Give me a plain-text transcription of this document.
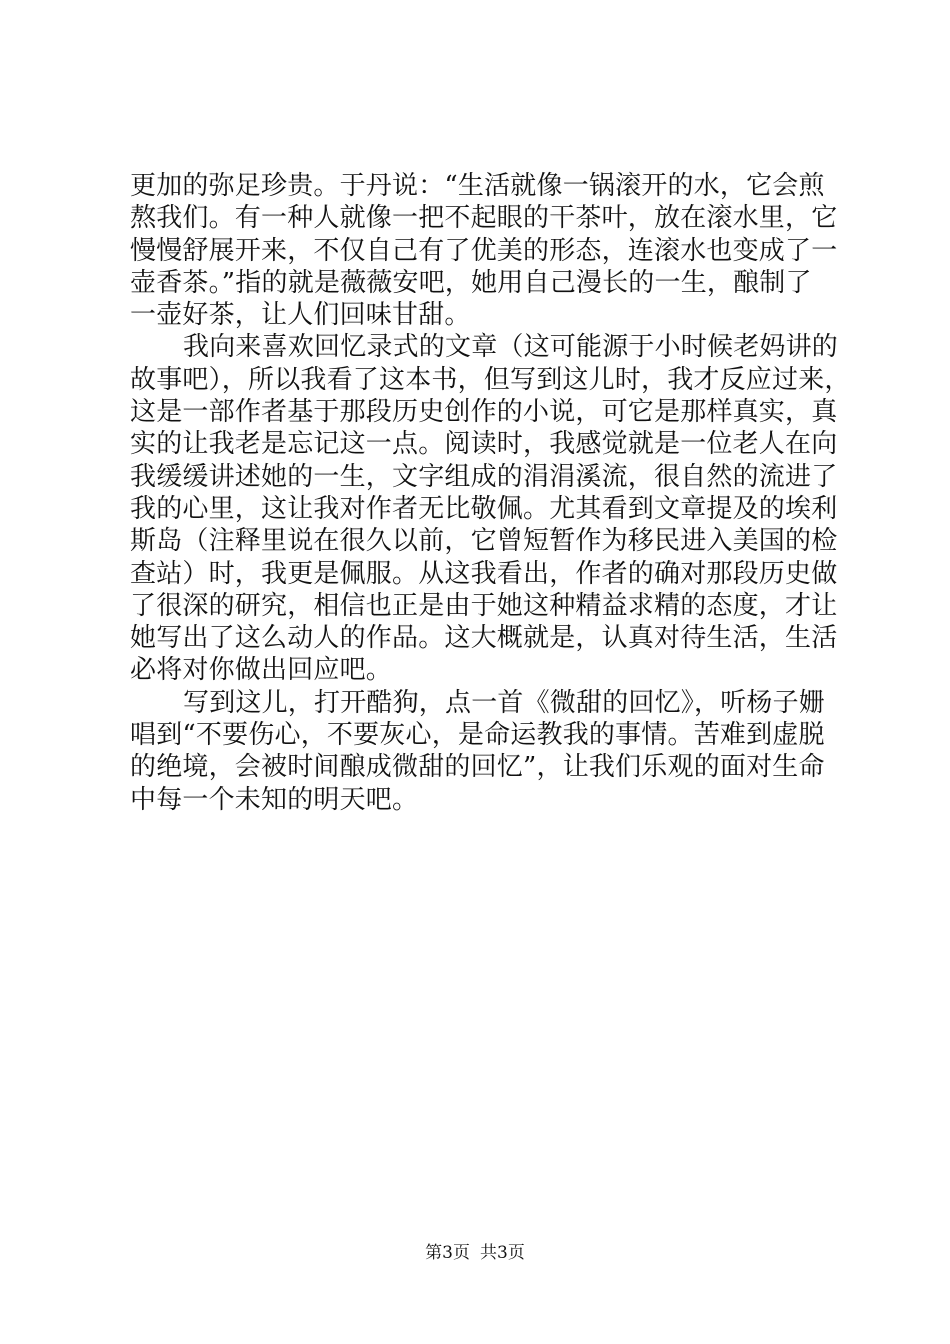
更加的弥足珍贵。于丹说：“生活就像一锅滚开的水，它会煎
熬我们。有一种人就像一把不起眼的干茶叶，放在滚水里，它
慢慢舒展开来，不仅自己有了优美的形态，连滚水也变成了一
壶香茶。”指的就是薇薇安吧，她用自己漫长的一生，酿制了
一壶好茶，让人们回味甘甜。
我向来喜欢回忆录式的文章（这可能源于小时候老妈讲的
故事吧），所以我看了这本书，但写到这儿时，我才反应过来，
这是一部作者基于那段历史创作的小说，可它是那样真实，真
实的让我老是忘记这一点。阅读时，我感觉就是一位老人在向
我缓缓讲述她的一生，文字组成的涓涓溪流，很自然的流进了
我的心里，这让我对作者无比敬佩。尤其看到文章提及的埃利
斯岛（注释里说在很久以前，它曾短暂作为移民进入美国的检
查站）时，我更是佩服。从这我看出，作者的确对那段历史做
了很深的研究，相信也正是由于她这种精益求精的态度，才让
她写出了这么动人的作品。这大概就是，认真对待生活，生活
必将对你做出回应吧。
写到这儿，打开酷狗，点一首《微甜的回忆》，听杨子姗
唱到“不要伤心，不要灰心，是命运教我的事情。苦难到虚脱
的绝境，会被时间酿成微甜的回忆”，让我们乐观的面对生命
中每一个未知的明天吧。
第3页 共3页
